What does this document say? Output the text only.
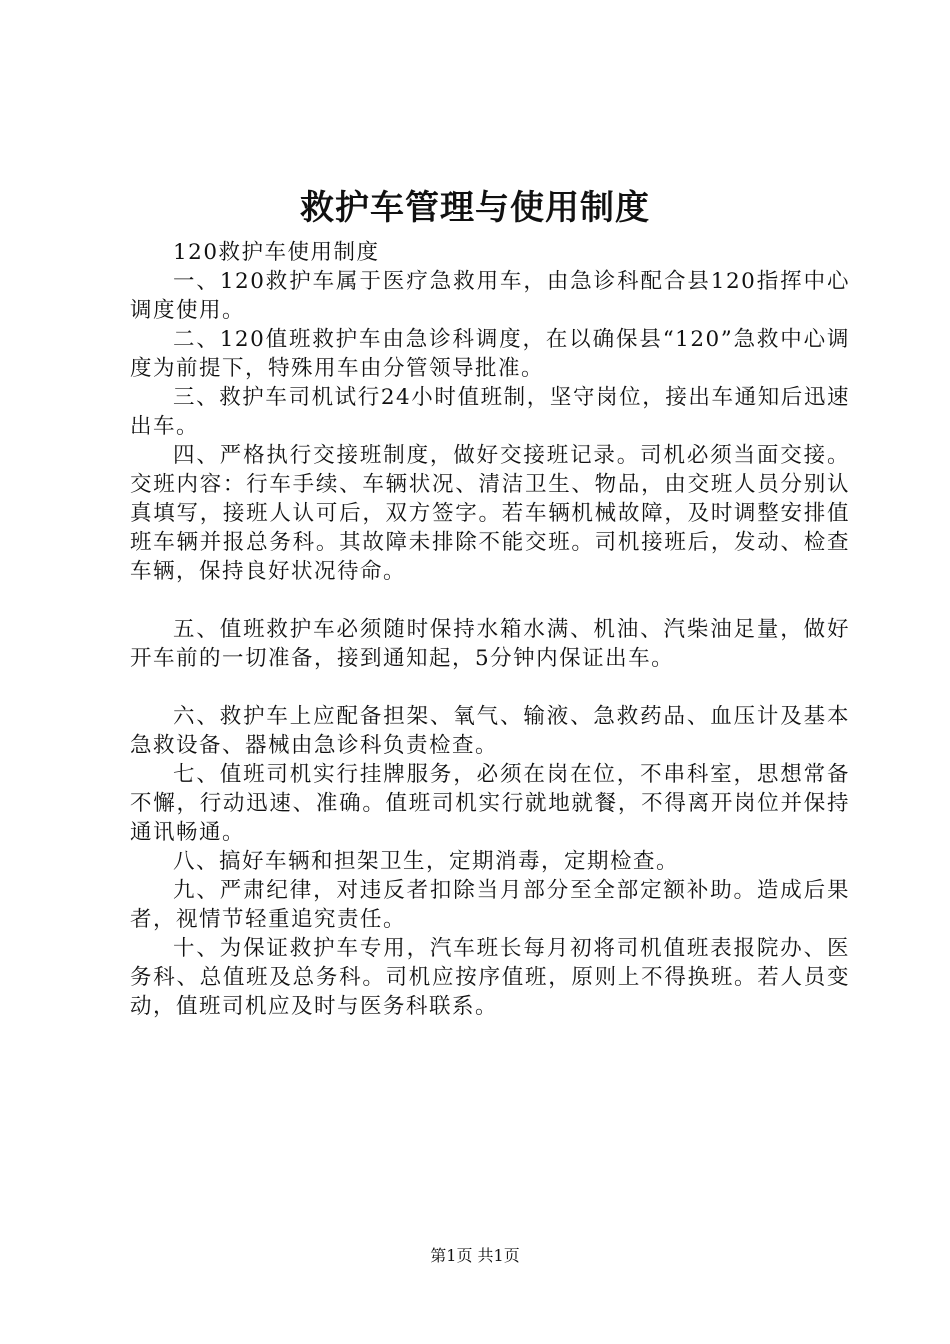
救护车管理与使用制度

120救护车使用制度

一、120救护车属于医疗急救用车，由急诊科配合县120指挥中心调度使用。

二、120值班救护车由急诊科调度，在以确保县“120”急救中心调度为前提下，特殊用车由分管领导批准。

三、救护车司机试行24小时值班制，坚守岗位，接出车通知后迅速出车。

四、严格执行交接班制度，做好交接班记录。司机必须当面交接。交班内容：行车手续、车辆状况、清洁卫生、物品，由交班人员分别认真填写，接班人认可后，双方签字。若车辆机械故障，及时调整安排值班车辆并报总务科。其故障未排除不能交班。司机接班后，发动、检查车辆，保持良好状况待命。

五、值班救护车必须随时保持水箱水满、机油、汽柴油足量，做好开车前的一切准备，接到通知起，5分钟内保证出车。

六、救护车上应配备担架、氧气、输液、急救药品、血压计及基本急救设备、器械由急诊科负责检查。

七、值班司机实行挂牌服务，必须在岗在位，不串科室，思想常备不懈，行动迅速、准确。值班司机实行就地就餐，不得离开岗位并保持通讯畅通。

八、搞好车辆和担架卫生，定期消毒，定期检查。

九、严肃纪律，对违反者扣除当月部分至全部定额补助。造成后果者，视情节轻重追究责任。

十、为保证救护车专用，汽车班长每月初将司机值班表报院办、医务科、总值班及总务科。司机应按序值班，原则上不得换班。若人员变动，值班司机应及时与医务科联系。

第1页 共1页
